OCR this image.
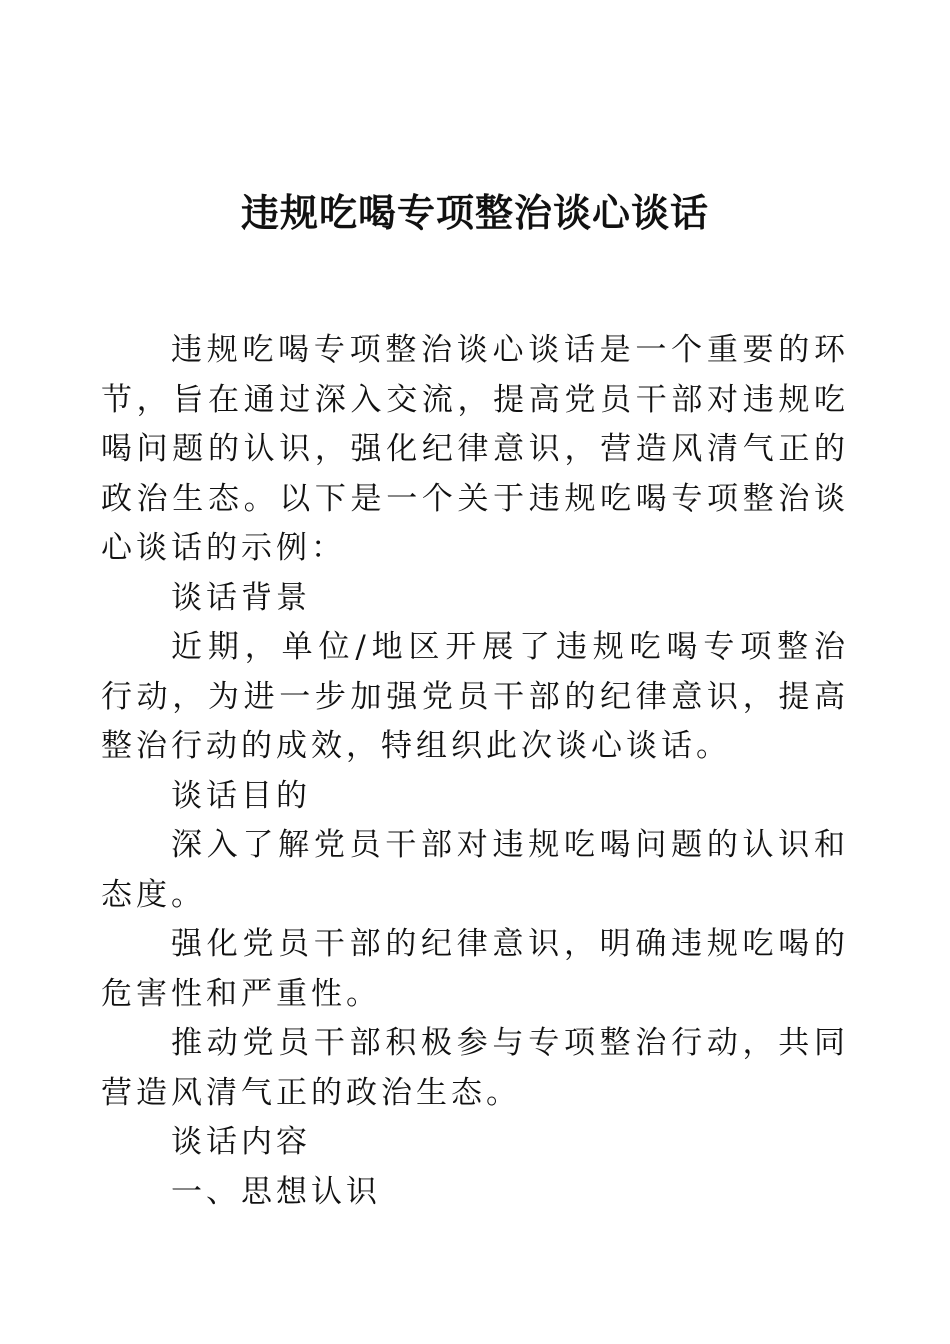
违规吃喝专项整治谈心谈话

违规吃喝专项整治谈心谈话是一个重要的环节，旨在通过深入交流，提高党员干部对违规吃喝问题的认识，强化纪律意识，营造风清气正的政治生态。以下是一个关于违规吃喝专项整治谈心谈话的示例：

谈话背景

近期，单位/地区开展了违规吃喝专项整治行动，为进一步加强党员干部的纪律意识，提高整治行动的成效，特组织此次谈心谈话。

谈话目的

深入了解党员干部对违规吃喝问题的认识和态度。

强化党员干部的纪律意识，明确违规吃喝的危害性和严重性。

推动党员干部积极参与专项整治行动，共同营造风清气正的政治生态。

谈话内容

一、思想认识
